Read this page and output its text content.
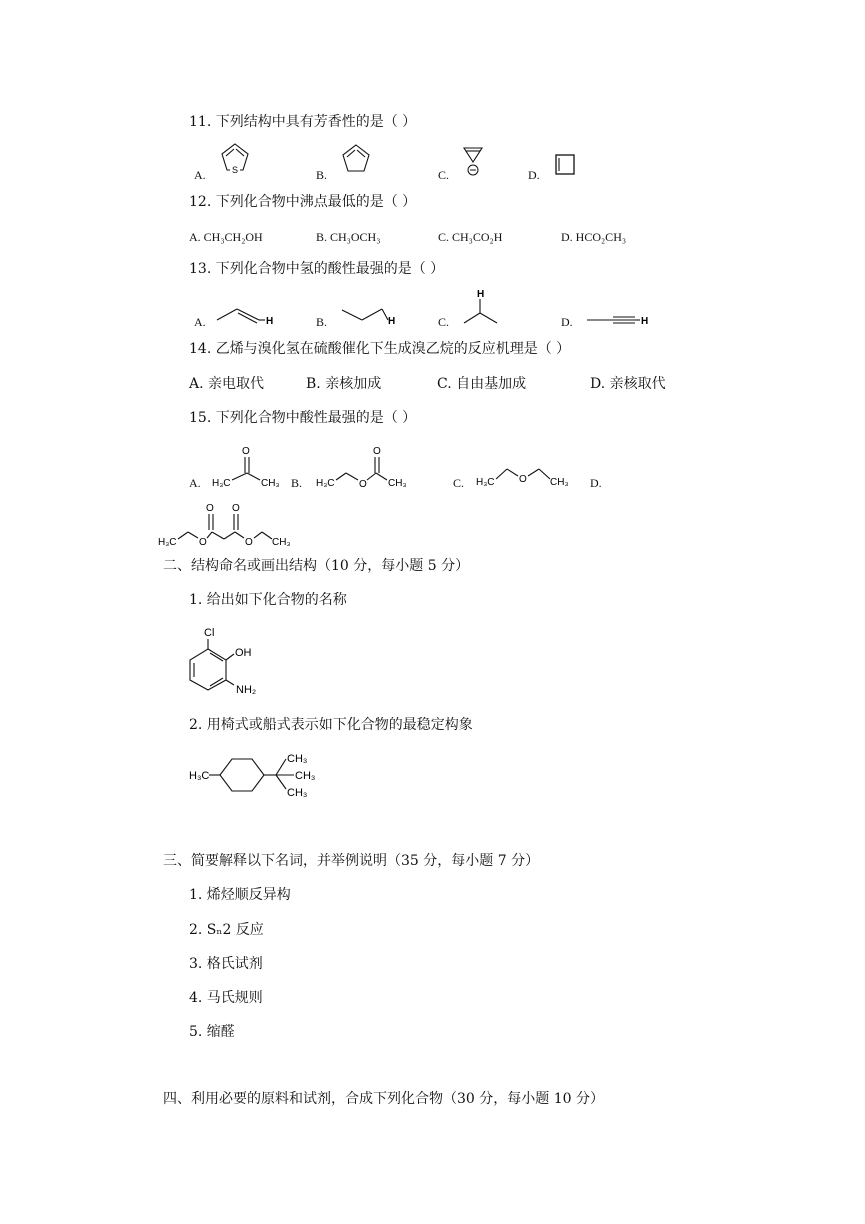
11. 下列结构中具有芳香性的是（ ）
A.	S	B.	C.	D.
12. 下列化合物中沸点最低的是（ ）
A. CH₃CH₂OH	B. CH₃OCH₃	C. CH₃CO₂H	D. HCO₂CH₃
13. 下列化合物中氢的酸性最强的是（ ）
A.	H	B.	H	C.
H
D.	H
14. 乙烯与溴化氢在硫酸催化下生成溴乙烷的反应机理是（ ）
A. 亲电取代	B. 亲核加成	C. 自由基加成	D. 亲核取代
15. 下列化合物中酸性最强的是（ ）
A.
O
H₃C	CH₃ B. H₃C O
O
CH₃	C. H₃C O CH₃ D.
H₃C O
O O
O CH₃
二、结构命名或画出结构（10 分，每小题 5 分）
1. 给出如下化合物的名称
Cl
OH
NH₂
2. 用椅式或船式表示如下化合物的最稳定构象
H₃C
CH₃
CH₃
CH₃
三、简要解释以下名词，并举例说明（35 分，每小题 7 分）
1. 烯烃顺反异构
2. Sₙ2 反应
3. 格氏试剂
4. 马氏规则
5. 缩醛
四、利用必要的原料和试剂，合成下列化合物（30 分，每小题 10 分）
